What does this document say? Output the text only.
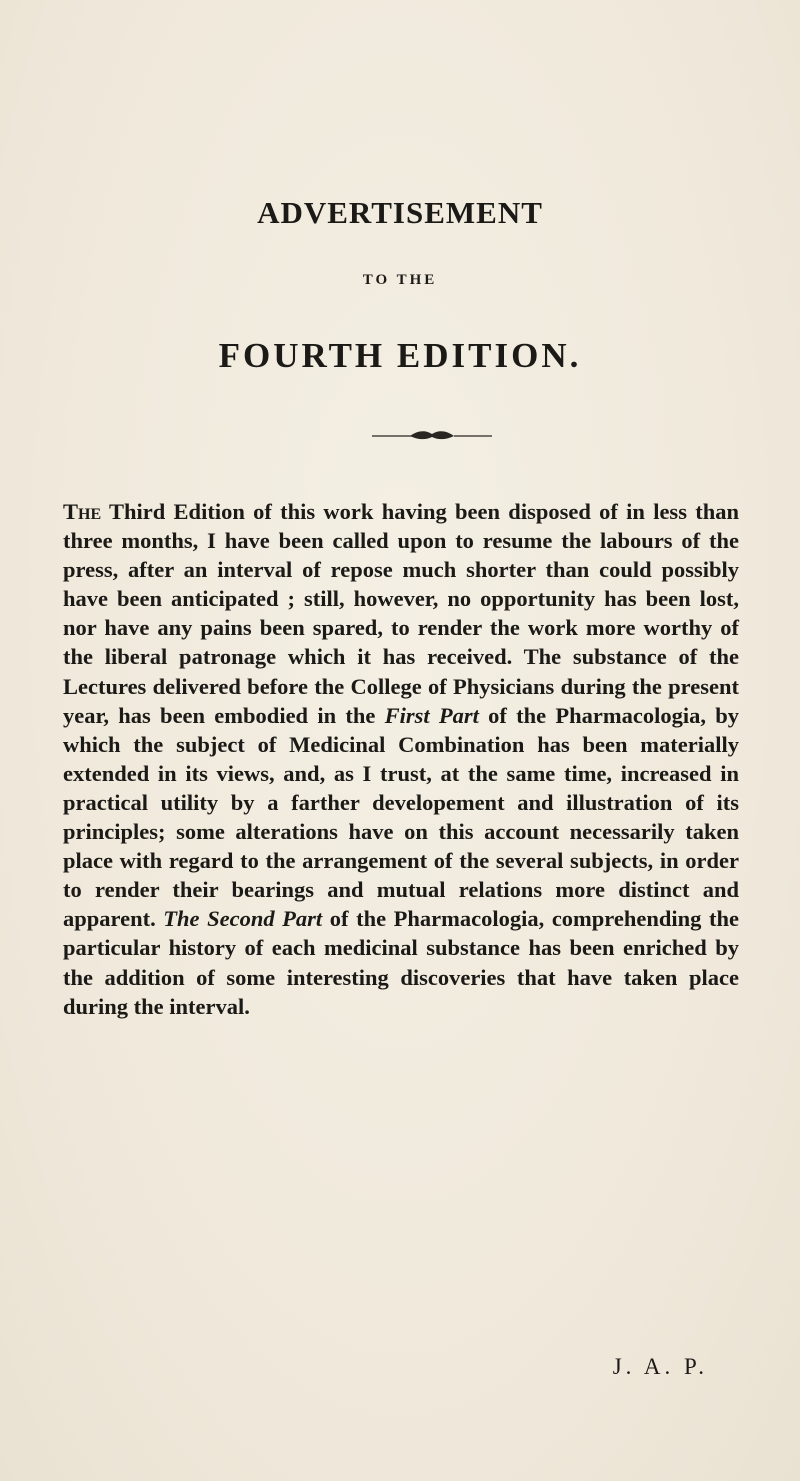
ADVERTISEMENT
TO THE
FOURTH EDITION.

The Third Edition of this work having been disposed of in less than three months, I have been called upon to resume the labours of the press, after an interval of repose much shorter than could possibly have been anticipated ; still, however, no opportunity has been lost, nor have any pains been spared, to render the work more worthy of the liberal patronage which it has received. The substance of the Lectures delivered before the College of Physicians during the present year, has been embodied in the First Part of the Pharmacologia, by which the subject of Medicinal Combination has been materially extended in its views, and, as I trust, at the same time, increased in practical utility by a farther developement and illustration of its principles; some alterations have on this account necessarily taken place with regard to the arrangement of the several subjects, in order to render their bearings and mutual relations more distinct and apparent. The Second Part of the Pharmacologia, comprehending the particular history of each medicinal substance has been enriched by the addition of some interesting discoveries that have taken place during the interval.

J. A. P.
